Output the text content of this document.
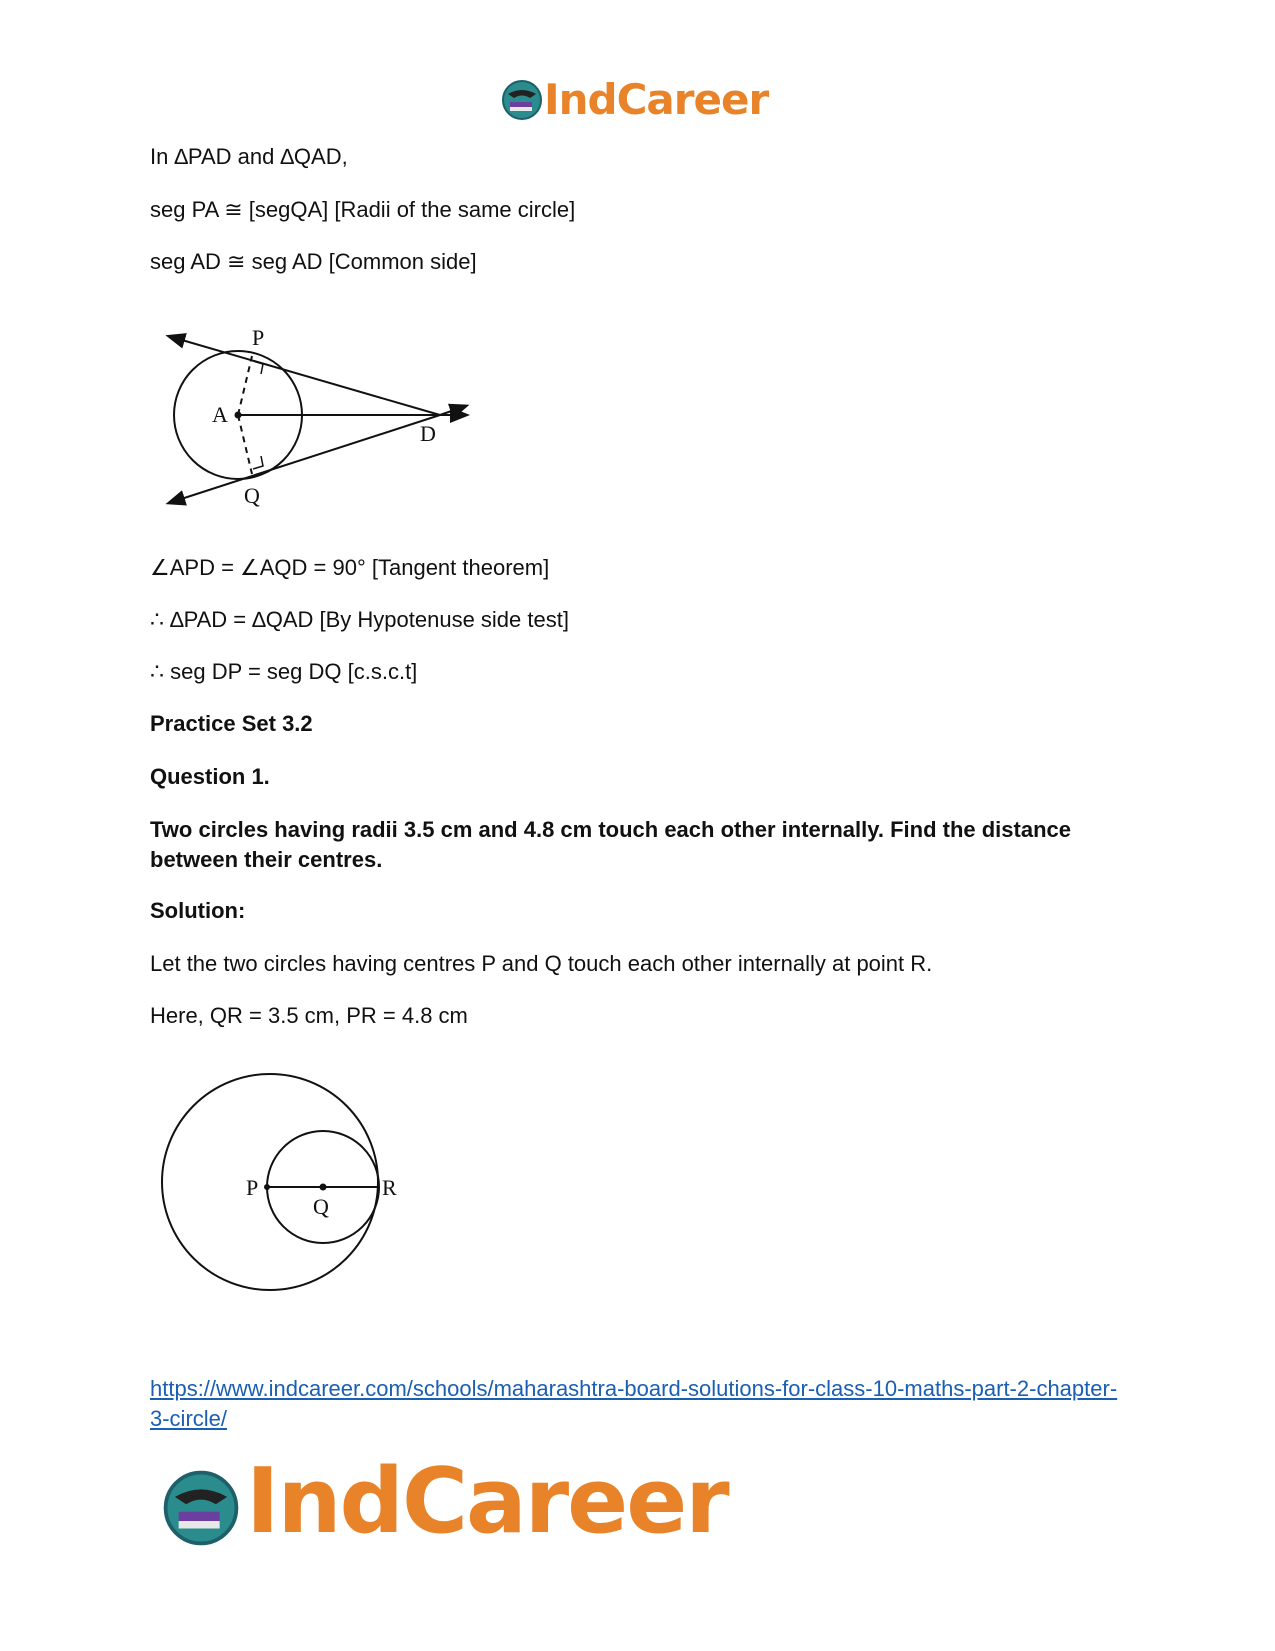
IndCareer
In ∆PAD and ∆QAD,
seg PA ≅ [segQA] [Radii of the same circle]
seg AD ≅ seg AD [Common side]
P
A
D
Q
∠APD = ∠AQD = 90° [Tangent theorem]
∴ ∆PAD = ∆QAD [By Hypotenuse side test]
∴ seg DP = seg DQ [c.s.c.t]
Practice Set 3.2
Question 1.
Two circles having radii 3.5 cm and 4.8 cm touch each other internally. Find the distance between their centres.
Solution:
Let the two circles having centres P and Q touch each other internally at point R.
Here, QR = 3.5 cm, PR = 4.8 cm
P
Q
R
https://www.indcareer.com/schools/maharashtra-board-solutions-for-class-10-maths-part-2-chapter-3-circle/
IndCareer
